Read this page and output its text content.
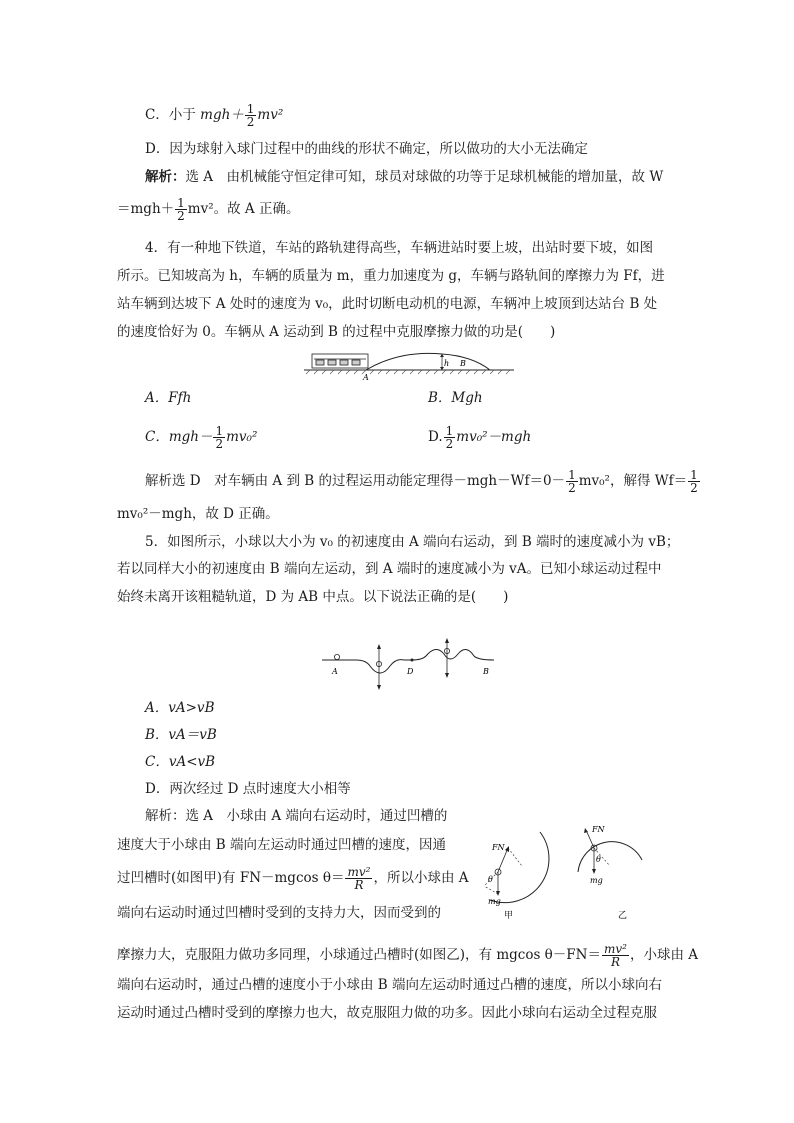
C．小于 $mgh+ \frac{1}{2} mv^2$
D．因为球射入球门过程中的曲线的形状不确定，所以做功的大小无法确定
解析：选 A　由机械能守恒定律可知，球员对球做的功等于足球机械能的增加量，故 W
$=mgh+ \frac{1}{2} mv^2$。故 A 正确。
4．有一种地下铁道，车站的路轨建得高些，车辆进站时要上坡，出站时要下坡，如图
所示。已知坡高为 h，车辆的质量为 m，重力加速度为 g，车辆与路轨间的摩擦力为 Ff，进
站车辆到达坡下 A 处时的速度为 v₀，此时切断电动机的电源，车辆冲上坡顶到达站台 B 处
的速度恰好为 0。车辆从 A 运动到 B 的过程中克服摩擦力做的功是(　　)
A
h B
A．Ffh	B．Mgh
C．$mgh- \frac{1}{2} mv_0^2$	D. $\frac{1}{2} mv_0^2-mgh$
解析选 D　对车辆由 A 到 B 的过程运用动能定理得$-mgh-Wf=0- \frac{1}{2} mv_0^2$，解得 $Wf= \frac{1}{2}$
mv₀²－mgh，故 D 正确。
5．如图所示，小球以大小为 v₀ 的初速度由 A 端向右运动，到 B 端时的速度减小为 vB；
若以同样大小的初速度由 B 端向左运动，到 A 端时的速度减小为 vA。已知小球运动过程中
始终未离开该粗糙轨道，D 为 AB 中点。以下说法正确的是(　　)
A	D	B
A．vA>vB
B．vA＝vB
C．vA<vB
D．两次经过 D 点时速度大小相等
解析：选 A　小球由 A 端向右运动时，通过凹槽的
速度大于小球由 B 端向左运动时通过凹槽的速度，因通
过凹槽时(如图甲)有 FN－mgcos $\theta= \frac{\text{mv²}}{R}$ ，所以小球由 A
端向右运动时通过凹槽时受到的支持力大，因而受到的
摩擦力大，克服阻力做功多同理，小球通过凸槽时(如图乙)，有 mgcos $\theta-FN= \frac{\text{mv²}}{R}$ ，小球由 A
端向右运动时，通过凸槽的速度小于小球由 B 端向左运动时通过凸槽的速度，所以小球向右
运动时通过凸槽时受到的摩擦力也大，故克服阻力做的功多。因此小球向右运动全过程克服
FN
θ
mg
甲
FN
θ
mg
乙
